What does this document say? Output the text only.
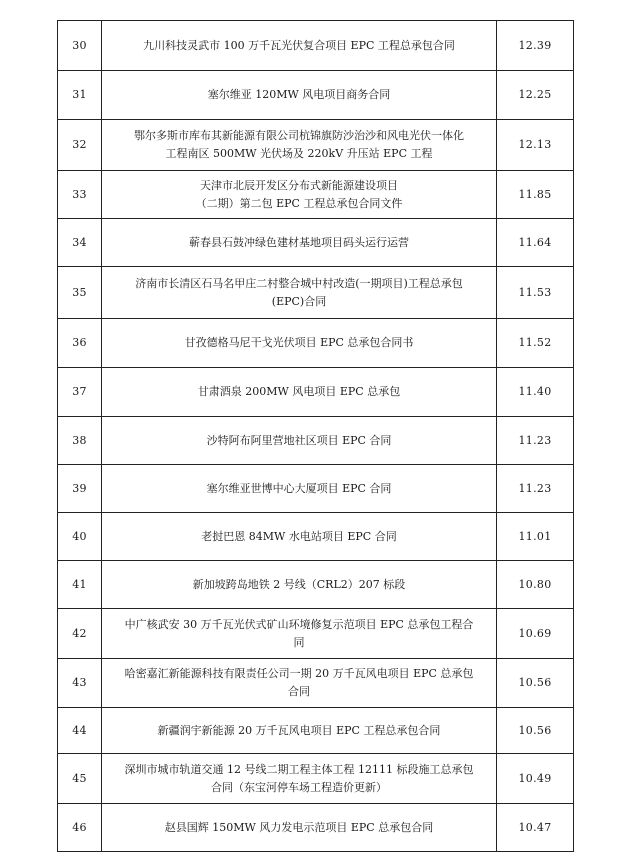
30	九川科技灵武市 100 万千瓦光伏复合项目 EPC 工程总承包合同	12.39
31	塞尔维亚 120MW 风电项目商务合同	12.25
32	鄂尔多斯市库布其新能源有限公司杭锦旗防沙治沙和风电光伏一体化
工程南区 500MW 光伏场及 220kV 升压站 EPC 工程	12.13
33	天津市北辰开发区分布式新能源建设项目
（二期）第二包 EPC 工程总承包合同文件	11.85
34	蕲春县石鼓冲绿色建材基地项目码头运行运营	11.64
35	济南市长清区石马名甲庄二村整合城中村改造(一期项目)工程总承包
(EPC)合同	11.53
36	甘孜德格马尼干戈光伏项目 EPC 总承包合同书	11.52
37	甘肃酒泉 200MW 风电项目 EPC 总承包	11.40
38	沙特阿布阿里营地社区项目 EPC 合同	11.23
39	塞尔维亚世博中心大厦项目 EPC 合同	11.23
40	老挝巴恩 84MW 水电站项目 EPC 合同	11.01
41	新加坡跨岛地铁 2 号线（CRL2）207 标段	10.80
42	中广核武安 30 万千瓦光伏式矿山环境修复示范项目 EPC 总承包工程合
同	10.69
43	哈密嘉汇新能源科技有限责任公司一期 20 万千瓦风电项目 EPC 总承包
合同	10.56
44	新疆润宇新能源 20 万千瓦风电项目 EPC 工程总承包合同	10.56
45	深圳市城市轨道交通 12 号线二期工程主体工程 12111 标段施工总承包
合同（东宝河停车场工程造价更新）	10.49
46	赵县国辉 150MW 风力发电示范项目 EPC 总承包合同	10.47
